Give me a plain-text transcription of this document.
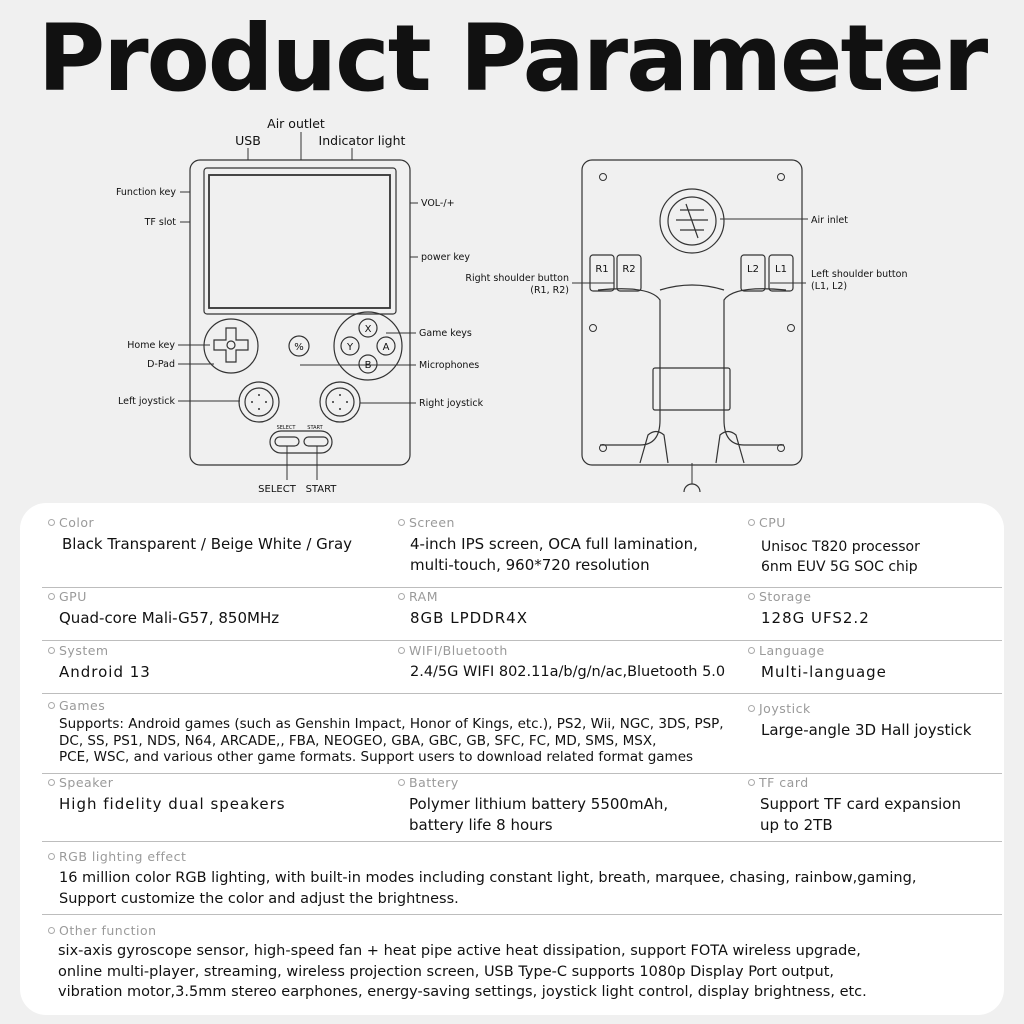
Product Parameter
Air outlet
USB	Indicator light
Function key
TF slot
VOL-/+
power key
Home key
D-Pad
Game keys
Microphones
Left joystick	Right joystick
SELECT START
SELECT START
X
Y	A
B
%
Air inlet
Right shoulder button
(R1, R2)
Left shoulder button
(L1, L2)
R1 R2	L2 L1
Color
Black Transparent / Beige White / Gray
Screen
4-inch IPS screen, OCA full lamination,
multi-touch, 960*720 resolution
CPU
Unisoc T820 processor
6nm EUV 5G SOC chip
GPU
Quad-core Mali-G57, 850MHz
RAM
8GB LPDDR4X
Storage
128G UFS2.2
System
Android 13
WIFI/Bluetooth
2.4/5G WIFI 802.11a/b/g/n/ac,Bluetooth 5.0
Language
Multi-language
Games
Supports: Android games (such as Genshin Impact, Honor of Kings, etc.), PS2, Wii, NGC, 3DS, PSP,
DC, SS, PS1, NDS, N64, ARCADE,, FBA, NEOGEO, GBA, GBC, GB, SFC, FC, MD, SMS, MSX,
PCE, WSC, and various other game formats. Support users to download related format games
Joystick
Large-angle 3D Hall joystick
Speaker
High fidelity dual speakers
Battery
Polymer lithium battery 5500mAh,
battery life 8 hours
TF card
Support TF card expansion
up to 2TB
RGB lighting effect
16 million color RGB lighting, with built-in modes including constant light, breath, marquee, chasing, rainbow,gaming,
Support customize the color and adjust the brightness.
Other function
six-axis gyroscope sensor, high-speed fan + heat pipe active heat dissipation, support FOTA wireless upgrade,
online multi-player, streaming, wireless projection screen, USB Type-C supports 1080p Display Port output,
vibration motor,3.5mm stereo earphones, energy-saving settings, joystick light control, display brightness, etc.
